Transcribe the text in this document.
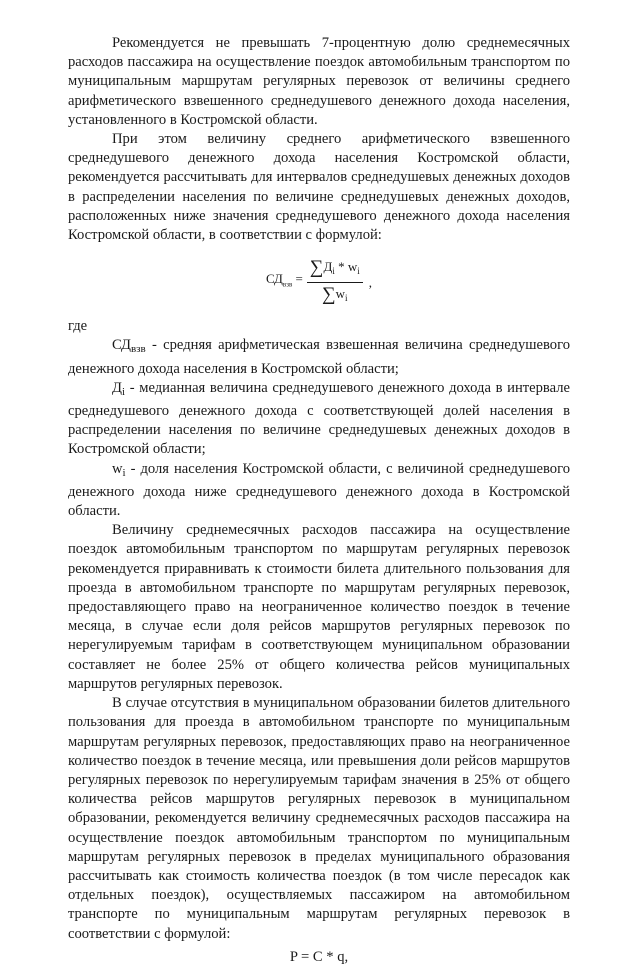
Рекомендуется не превышать 7-процентную долю среднемесячных расходов пассажира на осуществление поездок автомобильным транспортом по муниципальным маршрутам регулярных перевозок от величины среднего арифметического взвешенного среднедушевого денежного дохода населения, установленного в Костромской области.

При этом величину среднего арифметического взвешенного среднедушевого денежного дохода населения Костромской области, рекомендуется рассчитывать для интервалов среднедушевых денежных доходов в распределении населения по величине среднедушевых денежных доходов, расположенных ниже значения среднедушевого денежного дохода населения Костромской области, в соответствии с формулой:

$СД_{взв} = \frac{\sum Д_i * w_i}{\sum w_i}$ ,

где

$СД_{взв}$ - средняя арифметическая взвешенная величина среднедушевого денежного дохода населения в Костромской области;

$Д_i$ - медианная величина среднедушевого денежного дохода в интервале среднедушевого денежного дохода с соответствующей долей населения в распределении населения по величине среднедушевых денежных доходов в Костромской области;

$w_i$ - доля населения Костромской области, с величиной среднедушевого денежного дохода ниже среднедушевого денежного дохода в Костромской области.

Величину среднемесячных расходов пассажира на осуществление поездок автомобильным транспортом по маршрутам регулярных перевозок рекомендуется приравнивать к стоимости билета длительного пользования для проезда в автомобильном транспорте по маршрутам регулярных перевозок, предоставляющего право на неограниченное количество поездок в течение месяца, в случае если доля рейсов маршрутов регулярных перевозок по нерегулируемым тарифам в соответствующем муниципальном образовании составляет не более 25% от общего количества рейсов муниципальных маршрутов регулярных перевозок.

В случае отсутствия в муниципальном образовании билетов длительного пользования для проезда в автомобильном транспорте по муниципальным маршрутам регулярных перевозок, предоставляющих право на неограниченное количество поездок в течение месяца, или превышения доли рейсов маршрутов регулярных перевозок по нерегулируемым тарифам значения в 25% от общего количества рейсов маршрутов регулярных перевозок в муниципальном образовании, рекомендуется величину среднемесячных расходов пассажира на осуществление поездок автомобильным транспортом по муниципальным маршрутам регулярных перевозок в пределах муниципального образования рассчитывать как стоимость количества поездок (в том числе пересадок как отдельных поездок), осуществляемых пассажиром на автомобильном транспорте по муниципальным маршрутам регулярных перевозок в соответствии с формулой:

P = C * q,
